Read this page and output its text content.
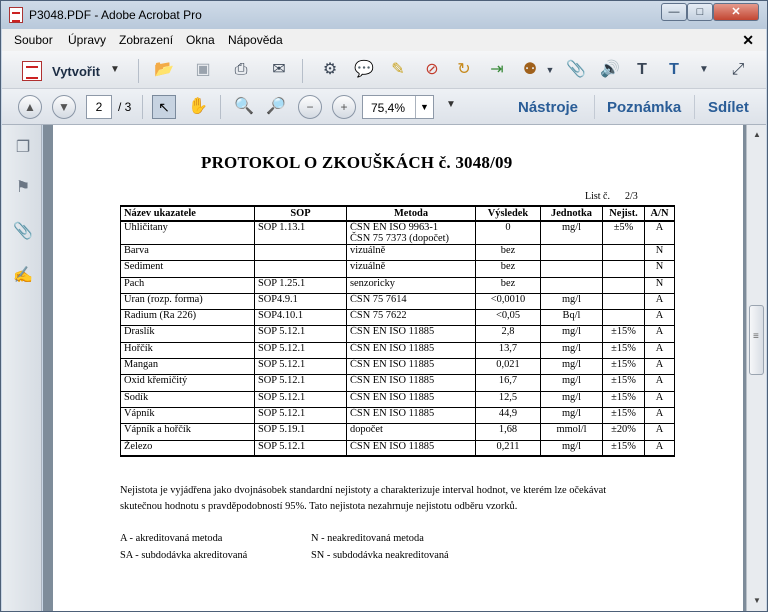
P3048.PDF - Adobe Acrobat Pro	―	□	✕
Soubor Úpravy Zobrazení Okna Nápověda	✕
Vytvořit ▼ 📂 ▣	⎙	✉	⚙	💬	✎	⊘	↻	⇥	⚉ ▼ 📎 🔊	T	T	▼	⤢
▲	▼	2	/ 3	↖	✋ 🔍 🔎	−	+	75,4%	▼	▼	Nástroje Poznámka Sdílet
❐
⚑
📎
✍
PROTOKOL O ZKOUŠKÁCH č. 3048/09
List č. 2/3
Název ukazatele	SOP	Metoda	Výsledek	Jednotka	Nejist.	A/N
Uhličitany	SOP 1.13.1	ČSN EN ISO 9963-1
ČSN 75 7373 (dopočet)	0	mg/l	±5%	A
Barva		vizuálně	bez			N
Sediment		vizuálně	bez			N
Pach	SOP 1.25.1	senzoricky	bez			N
Uran (rozp. forma)	SOP4.9.1	ČSN 75 7614	<0,0010	mg/l		A
Radium (Ra 226)	SOP4.10.1	ČSN 75 7622	<0,05	Bq/l		A
Draslík	SOP 5.12.1	ČSN EN ISO 11885	2,8	mg/l	±15%	A
Hořčík	SOP 5.12.1	ČSN EN ISO 11885	13,7	mg/l	±15%	A
Mangan	SOP 5.12.1	ČSN EN ISO 11885	0,021	mg/l	±15%	A
Oxid křemičitý	SOP 5.12.1	ČSN EN ISO 11885	16,7	mg/l	±15%	A
Sodík	SOP 5.12.1	ČSN EN ISO 11885	12,5	mg/l	±15%	A
Vápník	SOP 5.12.1	ČSN EN ISO 11885	44,9	mg/l	±15%	A
Vápník a hořčík	SOP 5.19.1	dopočet	1,68	mmol/l	±20%	A
Železo	SOP 5.12.1	ČSN EN ISO 11885	0,211	mg/l	±15%	A
Nejistota je vyjádřena jako dvojnásobek standardní nejistoty a charakterizuje interval hodnot, ve kterém lze očekávat
skutečnou hodnotu s pravděpodobností 95%. Tato nejistota nezahrnuje nejistotu odběru vzorků.
A - akreditovaná metoda	N - neakreditovaná metoda
SA - subdodávka akreditovaná	SN - subdodávka neakreditovaná
▲
≡
▼
